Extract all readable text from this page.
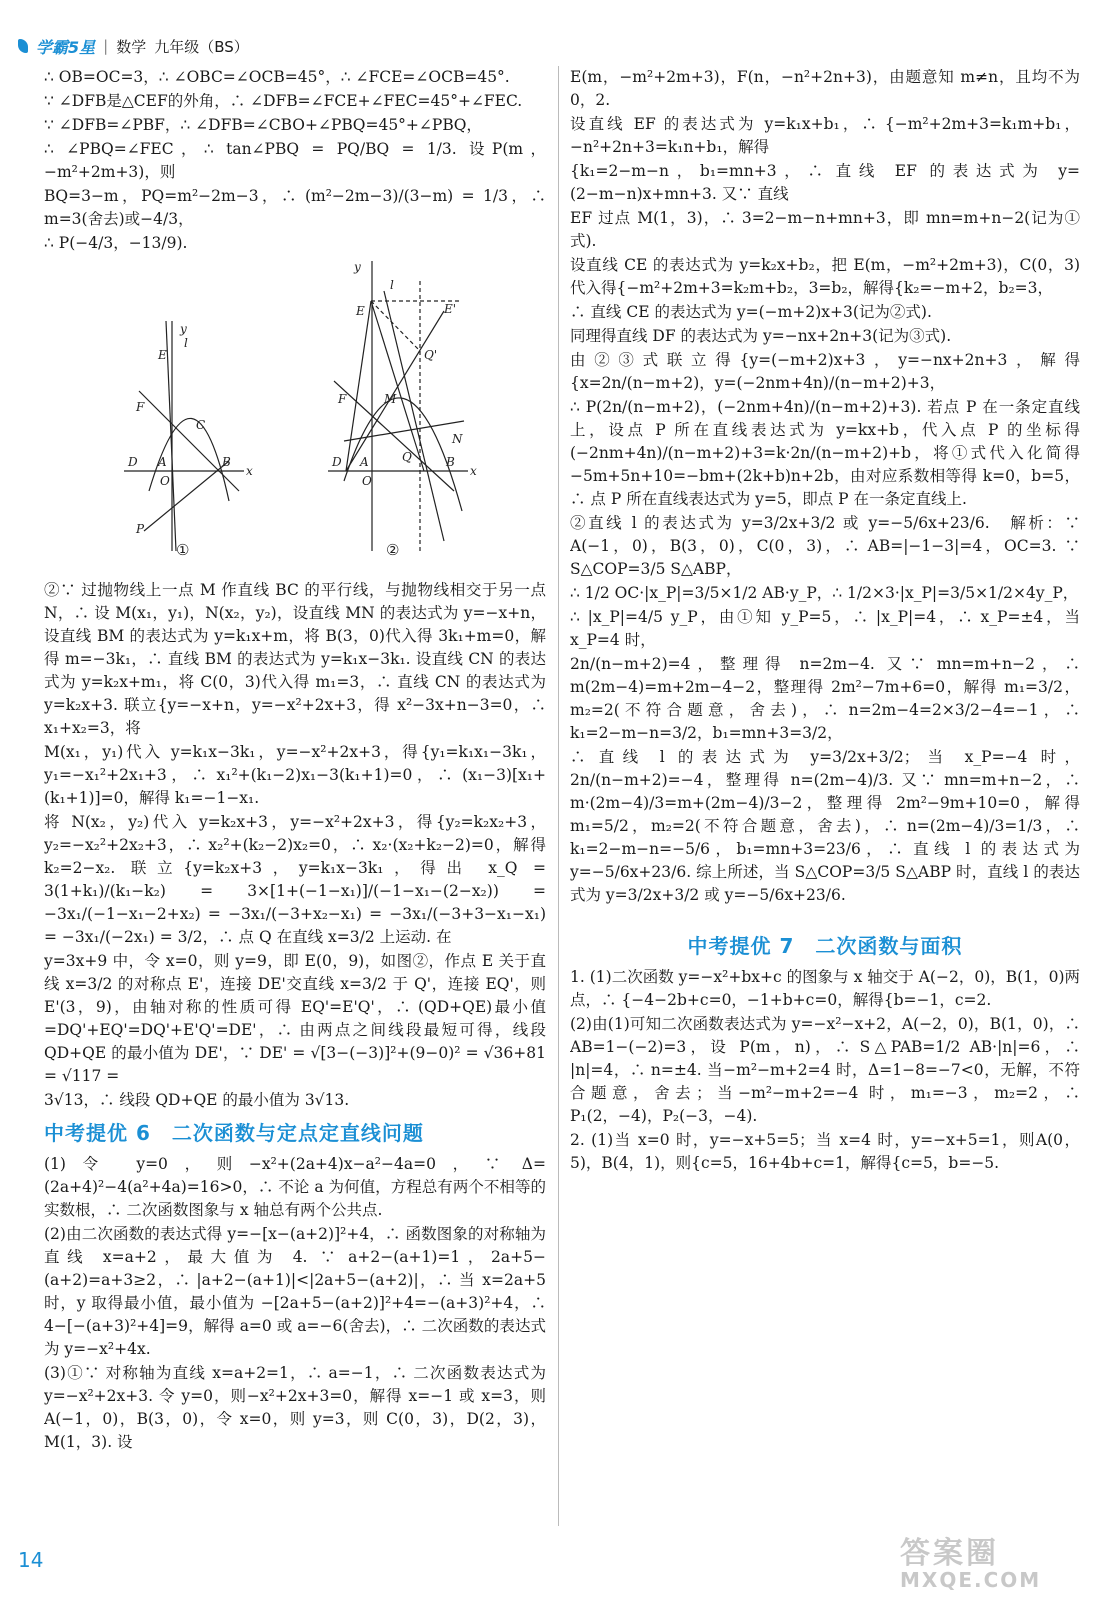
学霸5星 | 数学 九年级（BS）

∴ OB=OC=3，∴ ∠OBC=∠OCB=45°，∴ ∠FCE=∠OCB=45°.

∵ ∠DFB是△CEF的外角，∴ ∠DFB=∠FCE+∠FEC=45°+∠FEC.

∵ ∠DFB=∠PBF，∴ ∠DFB=∠CBO+∠PBQ=45°+∠PBQ，

∴ ∠PBQ=∠FEC，∴ tan∠PBQ = PQ/BQ = 1/3. 设P(m，−m²+2m+3)，则

BQ=3−m，PQ=m²−2m−3，∴ (m²−2m−3)/(3−m) = 1/3，∴ m=3(舍去)或−4/3，

∴ P(−4/3，−13/9).

y
l
E
F
C
D A
O
B
P
x
y
l
E	E'
Q'
F	M
N
Q
D A
O
B
x
①	②

②∵ 过抛物线上一点 M 作直线 BC 的平行线，与抛物线相交于另一点 N，∴ 设 M(x₁，y₁)，N(x₂，y₂)，设直线 MN 的表达式为 y=−x+n，设直线 BM 的表达式为 y=k₁x+m，将 B(3，0)代入得 3k₁+m=0，解得 m=−3k₁，∴ 直线 BM 的表达式为 y=k₁x−3k₁. 设直线 CN 的表达式为 y=k₂x+m₁，将 C(0，3)代入得 m₁=3，∴ 直线 CN 的表达式为 y=k₂x+3. 联立{y=−x+n，y=−x²+2x+3，得 x²−3x+n−3=0，∴ x₁+x₂=3，将

M(x₁，y₁)代入 y=k₁x−3k₁，y=−x²+2x+3，得{y₁=k₁x₁−3k₁，y₁=−x₁²+2x₁+3，∴ x₁²+(k₁−2)x₁−3(k₁+1)=0，∴ (x₁−3)[x₁+(k₁+1)]=0，解得 k₁=−1−x₁.

将 N(x₂，y₂)代入 y=k₂x+3，y=−x²+2x+3，得{y₂=k₂x₂+3，y₂=−x₂²+2x₂+3，∴ x₂²+(k₂−2)x₂=0，∴ x₂·(x₂+k₂−2)=0，解得 k₂=2−x₂. 联立{y=k₂x+3，y=k₁x−3k₁，得出 x_Q = 3(1+k₁)/(k₁−k₂) = 3×[1+(−1−x₁)]/(−1−x₁−(2−x₂)) = −3x₁/(−1−x₁−2+x₂) = −3x₁/(−3+x₂−x₁) = −3x₁/(−3+3−x₁−x₁) = −3x₁/(−2x₁) = 3/2，∴ 点 Q 在直线 x=3/2 上运动. 在

y=3x+9 中，令 x=0，则 y=9，即 E(0，9)，如图②，作点 E 关于直线 x=3/2 的对称点 E'，连接 DE'交直线 x=3/2 于 Q'，连接 EQ'，则 E'(3，9)，由轴对称的性质可得 EQ'=E'Q'，∴ (QD+QE)最小值=DQ'+EQ'=DQ'+E'Q'=DE'，∴ 由两点之间线段最短可得，线段 QD+QE 的最小值为 DE'，∵ DE' = √[3−(−3)]²+(9−0)² = √36+81 = √117 =

3√13，∴ 线段 QD+QE 的最小值为 3√13.

中考提优 6　二次函数与定点定直线问题

(1)令 y=0，则−x²+(2a+4)x−a²−4a=0，∵ Δ=(2a+4)²−4(a²+4a)=16>0，∴ 不论 a 为何值，方程总有两个不相等的实数根，∴ 二次函数图象与 x 轴总有两个公共点.

(2)由二次函数的表达式得 y=−[x−(a+2)]²+4，∴ 函数图象的对称轴为直线 x=a+2，最大值为 4. ∵ a+2−(a+1)=1，2a+5−(a+2)=a+3≥2，∴ |a+2−(a+1)|<|2a+5−(a+2)|，∴ 当 x=2a+5 时，y 取得最小值，最小值为 −[2a+5−(a+2)]²+4=−(a+3)²+4，∴ 4−[−(a+3)²+4]=9，解得 a=0 或 a=−6(舍去)，∴ 二次函数的表达式为 y=−x²+4x.

(3)①∵ 对称轴为直线 x=a+2=1，∴ a=−1，∴ 二次函数表达式为 y=−x²+2x+3. 令 y=0，则−x²+2x+3=0，解得 x=−1 或 x=3，则 A(−1，0)，B(3，0)，令 x=0，则 y=3，则 C(0，3)，D(2，3)，M(1，3). 设

E(m，−m²+2m+3)，F(n，−n²+2n+3)，由题意知 m≠n，且均不为 0，2.

设直线 EF 的表达式为 y=k₁x+b₁，∴ {−m²+2m+3=k₁m+b₁，−n²+2n+3=k₁n+b₁，解得

{k₁=2−m−n，b₁=mn+3，∴ 直线 EF 的表达式为 y=(2−m−n)x+mn+3. 又∵ 直线

EF 过点 M(1，3)，∴ 3=2−m−n+mn+3，即 mn=m+n−2(记为①式).

设直线 CE 的表达式为 y=k₂x+b₂，把 E(m，−m²+2m+3)，C(0，3)代入得{−m²+2m+3=k₂m+b₂，3=b₂，解得{k₂=−m+2，b₂=3，

∴ 直线 CE 的表达式为 y=(−m+2)x+3(记为②式).

同理得直线 DF 的表达式为 y=−nx+2n+3(记为③式).

由②③式联立得{y=(−m+2)x+3，y=−nx+2n+3，解得{x=2n/(n−m+2)，y=(−2nm+4n)/(n−m+2)+3，

∴ P(2n/(n−m+2)，(−2nm+4n)/(n−m+2)+3). 若点 P 在一条定直线上，设点 P 所在直线表达式为 y=kx+b，代入点 P 的坐标得 (−2nm+4n)/(n−m+2)+3=k·2n/(n−m+2)+b，将①式代入化简得−5m+5n+10=−bm+(2k+b)n+2b，由对应系数相等得 k=0，b=5，∴ 点 P 所在直线表达式为 y=5，即点 P 在一条定直线上.

②直线 l 的表达式为 y=3/2x+3/2 或 y=−5/6x+23/6.　解析：∵ A(−1，0)，B(3，0)，C(0，3)，∴ AB=|−1−3|=4，OC=3. ∵ S△COP=3/5 S△ABP，

∴ 1/2 OC·|x_P|=3/5×1/2 AB·y_P，∴ 1/2×3·|x_P|=3/5×1/2×4y_P，

∴ |x_P|=4/5 y_P，由①知 y_P=5，∴ |x_P|=4，∴ x_P=±4，当 x_P=4 时，

2n/(n−m+2)=4，整理得 n=2m−4. 又∵ mn=m+n−2，∴ m(2m−4)=m+2m−4−2，整理得 2m²−7m+6=0，解得 m₁=3/2，m₂=2(不符合题意，舍去)，∴ n=2m−4=2×3/2−4=−1，∴ k₁=2−m−n=3/2，b₁=mn+3=3/2，

∴ 直线 l 的表达式为 y=3/2x+3/2；当 x_P=−4 时，2n/(n−m+2)=−4，整理得 n=(2m−4)/3. 又∵ mn=m+n−2，∴ m·(2m−4)/3=m+(2m−4)/3−2，整理得 2m²−9m+10=0，解得 m₁=5/2，m₂=2(不符合题意，舍去)，∴ n=(2m−4)/3=1/3，∴ k₁=2−m−n=−5/6，b₁=mn+3=23/6，∴ 直线 l 的表达式为 y=−5/6x+23/6. 综上所述，当 S△COP=3/5 S△ABP 时，直线 l 的表达式为 y=3/2x+3/2 或 y=−5/6x+23/6.

中考提优 7　二次函数与面积

1. (1)二次函数 y=−x²+bx+c 的图象与 x 轴交于 A(−2，0)，B(1，0)两点，∴ {−4−2b+c=0，−1+b+c=0，解得{b=−1，c=2.

(2)由(1)可知二次函数表达式为 y=−x²−x+2，A(−2，0)，B(1，0)，∴ AB=1−(−2)=3，设 P(m，n)，∴ S△PAB=1/2 AB·|n|=6，∴ |n|=4，∴ n=±4. 当−m²−m+2=4 时，Δ=1−8=−7<0，无解，不符合题意，舍去；当−m²−m+2=−4 时，m₁=−3，m₂=2，∴ P₁(2，−4)，P₂(−3，−4).

2. (1)当 x=0 时，y=−x+5=5；当 x=4 时，y=−x+5=1，则A(0，5)，B(4，1)，则{c=5，16+4b+c=1，解得{c=5，b=−5.

14	答案圈
MXQE.COM
